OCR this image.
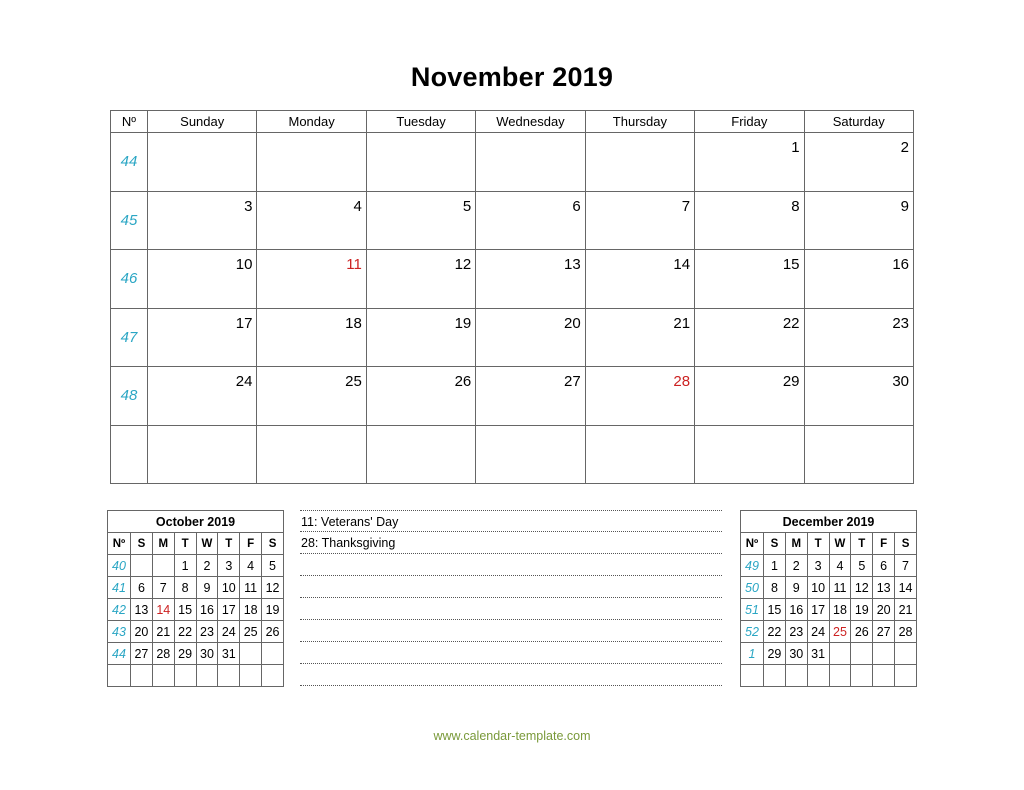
November 2019
Nº	Sunday	Monday	Tuesday	Wednesday	Thursday	Friday	Saturday
44						1	2

45	3	4	5	6	7	8	9

46	10	11	12	13	14	15	16

47	17	18	19	20	21	22	23

48	24	25	26	27	28	29	30

October 2019							
Nº	S	M	T	W	T	F	S
40			1	2	3	4	5
41	6	7	8	9	10	11	12
42	13	14	15	16	17	18	19
43	20	21	22	23	24	25	26
44	27	28	29	30	31		

11: Veterans' Day
28: Thanksgiving
December 2019							
Nº	S	M	T	W	T	F	S
49	1	2	3	4	5	6	7
50	8	9	10	11	12	13	14
51	15	16	17	18	19	20	21
52	22	23	24	25	26	27	28
1	29	30	31				

www.calendar-template.com
